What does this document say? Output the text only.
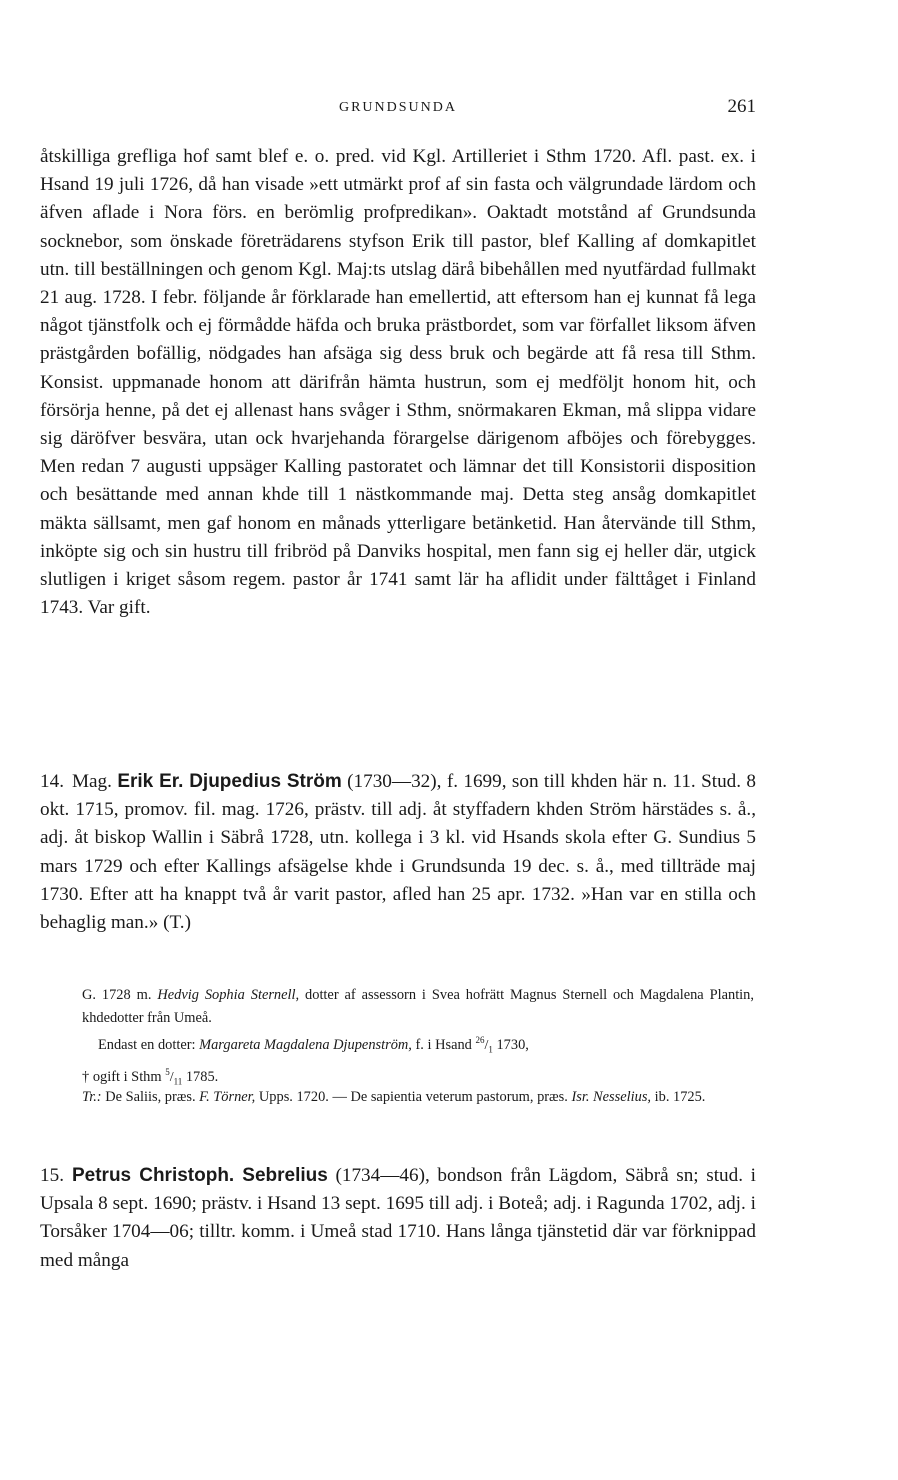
GRUNDSUNDA	261

åtskilliga grefliga hof samt blef e. o. pred. vid Kgl. Artilleriet i Sthm 1720. Afl. past. ex. i Hsand 19 juli 1726, då han visade »ett utmärkt prof af sin fasta och välgrundade lärdom och äfven aflade i Nora förs. en berömlig profpredikan». Oaktadt motstånd af Grundsunda socknebor, som önskade företrädarens styfson Erik till pastor, blef Kalling af domkapitlet utn. till beställningen och genom Kgl. Maj:ts utslag därå bibehållen med nyutfärdad fullmakt 21 aug. 1728. I febr. följande år förklarade han emellertid, att eftersom han ej kunnat få lega något tjänstfolk och ej förmådde häfda och bruka prästbordet, som var förfallet liksom äfven prästgården bofällig, nödgades han afsäga sig dess bruk och begärde att få resa till Sthm. Konsist. uppmanade honom att därifrån hämta hustrun, som ej medföljt honom hit, och försörja henne, på det ej allenast hans svåger i Sthm, snörmakaren Ekman, må slippa vidare sig däröfver besvära, utan ock hvarjehanda förargelse därigenom afböjes och förebygges. Men redan 7 augusti uppsäger Kalling pastoratet och lämnar det till Konsistorii disposition och besättande med annan khde till 1 nästkommande maj. Detta steg ansåg domkapitlet mäkta sällsamt, men gaf honom en månads ytterligare betänketid. Han återvände till Sthm, inköpte sig och sin hustru till fribröd på Danviks hospital, men fann sig ej heller där, utgick slutligen i kriget såsom regem. pastor år 1741 samt lär ha aflidit under fälttåget i Finland 1743. Var gift.

14. Mag. Erik Er. Djupedius Ström (1730—32), f. 1699, son till khden här n. 11. Stud. 8 okt. 1715, promov. fil. mag. 1726, prästv. till adj. åt styffadern khden Ström härstädes s. å., adj. åt biskop Wallin i Säbrå 1728, utn. kollega i 3 kl. vid Hsands skola efter G. Sundius 5 mars 1729 och efter Kallings afsägelse khde i Grundsunda 19 dec. s. å., med tillträde maj 1730. Efter att ha knappt två år varit pastor, afled han 25 apr. 1732. »Han var en stilla och behaglig man.» (T.)

G. 1728 m. Hedvig Sophia Sternell, dotter af assessorn i Svea hofrätt Magnus Sternell och Magdalena Plantin, khdedotter från Umeå.

Endast en dotter: Margareta Magdalena Djupenström, f. i Hsand $^{26}/_1$ 1730,
† ogift i Sthm $^5/_{11}$ 1785.

Tr.: De Saliis, præs. F. Törner, Upps. 1720. — De sapientia veterum pastorum, præs. Isr. Nesselius, ib. 1725.

15. Petrus Christoph. Sebrelius (1734—46), bondson från Lägdom, Säbrå sn; stud. i Upsala 8 sept. 1690; prästv. i Hsand 13 sept. 1695 till adj. i Boteå; adj. i Ragunda 1702, adj. i Torsåker 1704—06; tilltr. komm. i Umeå stad 1710. Hans långa tjänstetid där var förknippad med många
